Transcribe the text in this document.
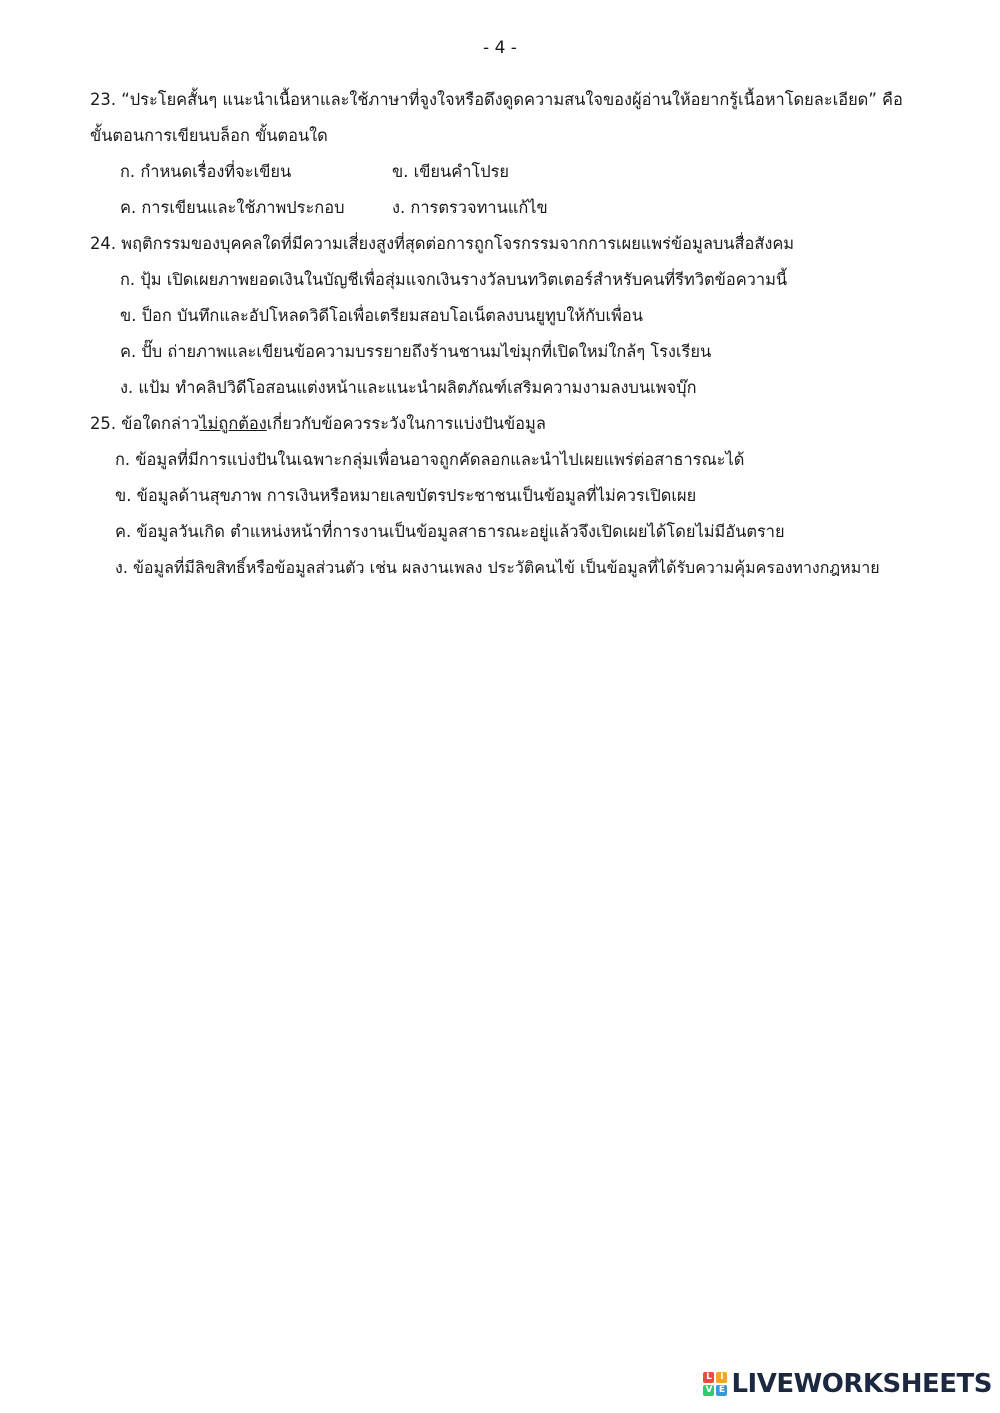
- 4 -
23. “ประโยคสั้นๆ แนะนำเนื้อหาและใช้ภาษาที่จูงใจหรือดึงดูดความสนใจของผู้อ่านให้อยากรู้เนื้อหาโดยละเอียด” คือ
ขั้นตอนการเขียนบล็อก ขั้นตอนใด
ก. กำหนดเรื่องที่จะเขียน	ข. เขียนคำโปรย
ค. การเขียนและใช้ภาพประกอบ	ง. การตรวจทานแก้ไข
24. พฤติกรรมของบุคคลใดที่มีความเสี่ยงสูงที่สุดต่อการถูกโจรกรรมจากการเผยแพร่ข้อมูลบนสื่อสังคม
ก. ปุ้ม เปิดเผยภาพยอดเงินในบัญชีเพื่อสุ่มแจกเงินรางวัลบนทวิตเตอร์สำหรับคนที่รีทวิตข้อความนี้
ข. ป็อก บันทึกและอัปโหลดวิดีโอเพื่อเตรียมสอบโอเน็ตลงบนยูทูบให้กับเพื่อน
ค. ปั๊บ ถ่ายภาพและเขียนข้อความบรรยายถึงร้านชานมไข่มุกที่เปิดใหม่ใกล้ๆ โรงเรียน
ง. แป้ม ทำคลิปวิดีโอสอนแต่งหน้าและแนะนำผลิตภัณฑ์เสริมความงามลงบนเพจบุ๊ก
25. ข้อใดกล่าวไม่ถูกต้องเกี่ยวกับข้อควรระวังในการแบ่งปันข้อมูล
ก. ข้อมูลที่มีการแบ่งปันในเฉพาะกลุ่มเพื่อนอาจถูกคัดลอกและนำไปเผยแพร่ต่อสาธารณะได้
ข. ข้อมูลด้านสุขภาพ การเงินหรือหมายเลขบัตรประชาชนเป็นข้อมูลที่ไม่ควรเปิดเผย
ค. ข้อมูลวันเกิด ตำแหน่งหน้าที่การงานเป็นข้อมูลสาธารณะอยู่แล้วจึงเปิดเผยได้โดยไม่มีอันตราย
ง. ข้อมูลที่มีลิขสิทธิ์หรือข้อมูลส่วนตัว เช่น ผลงานเพลง ประวัติคนไข้ เป็นข้อมูลที่ได้รับความคุ้มครองทางกฎหมาย
L I
V E LIVEWORKSHEETS
